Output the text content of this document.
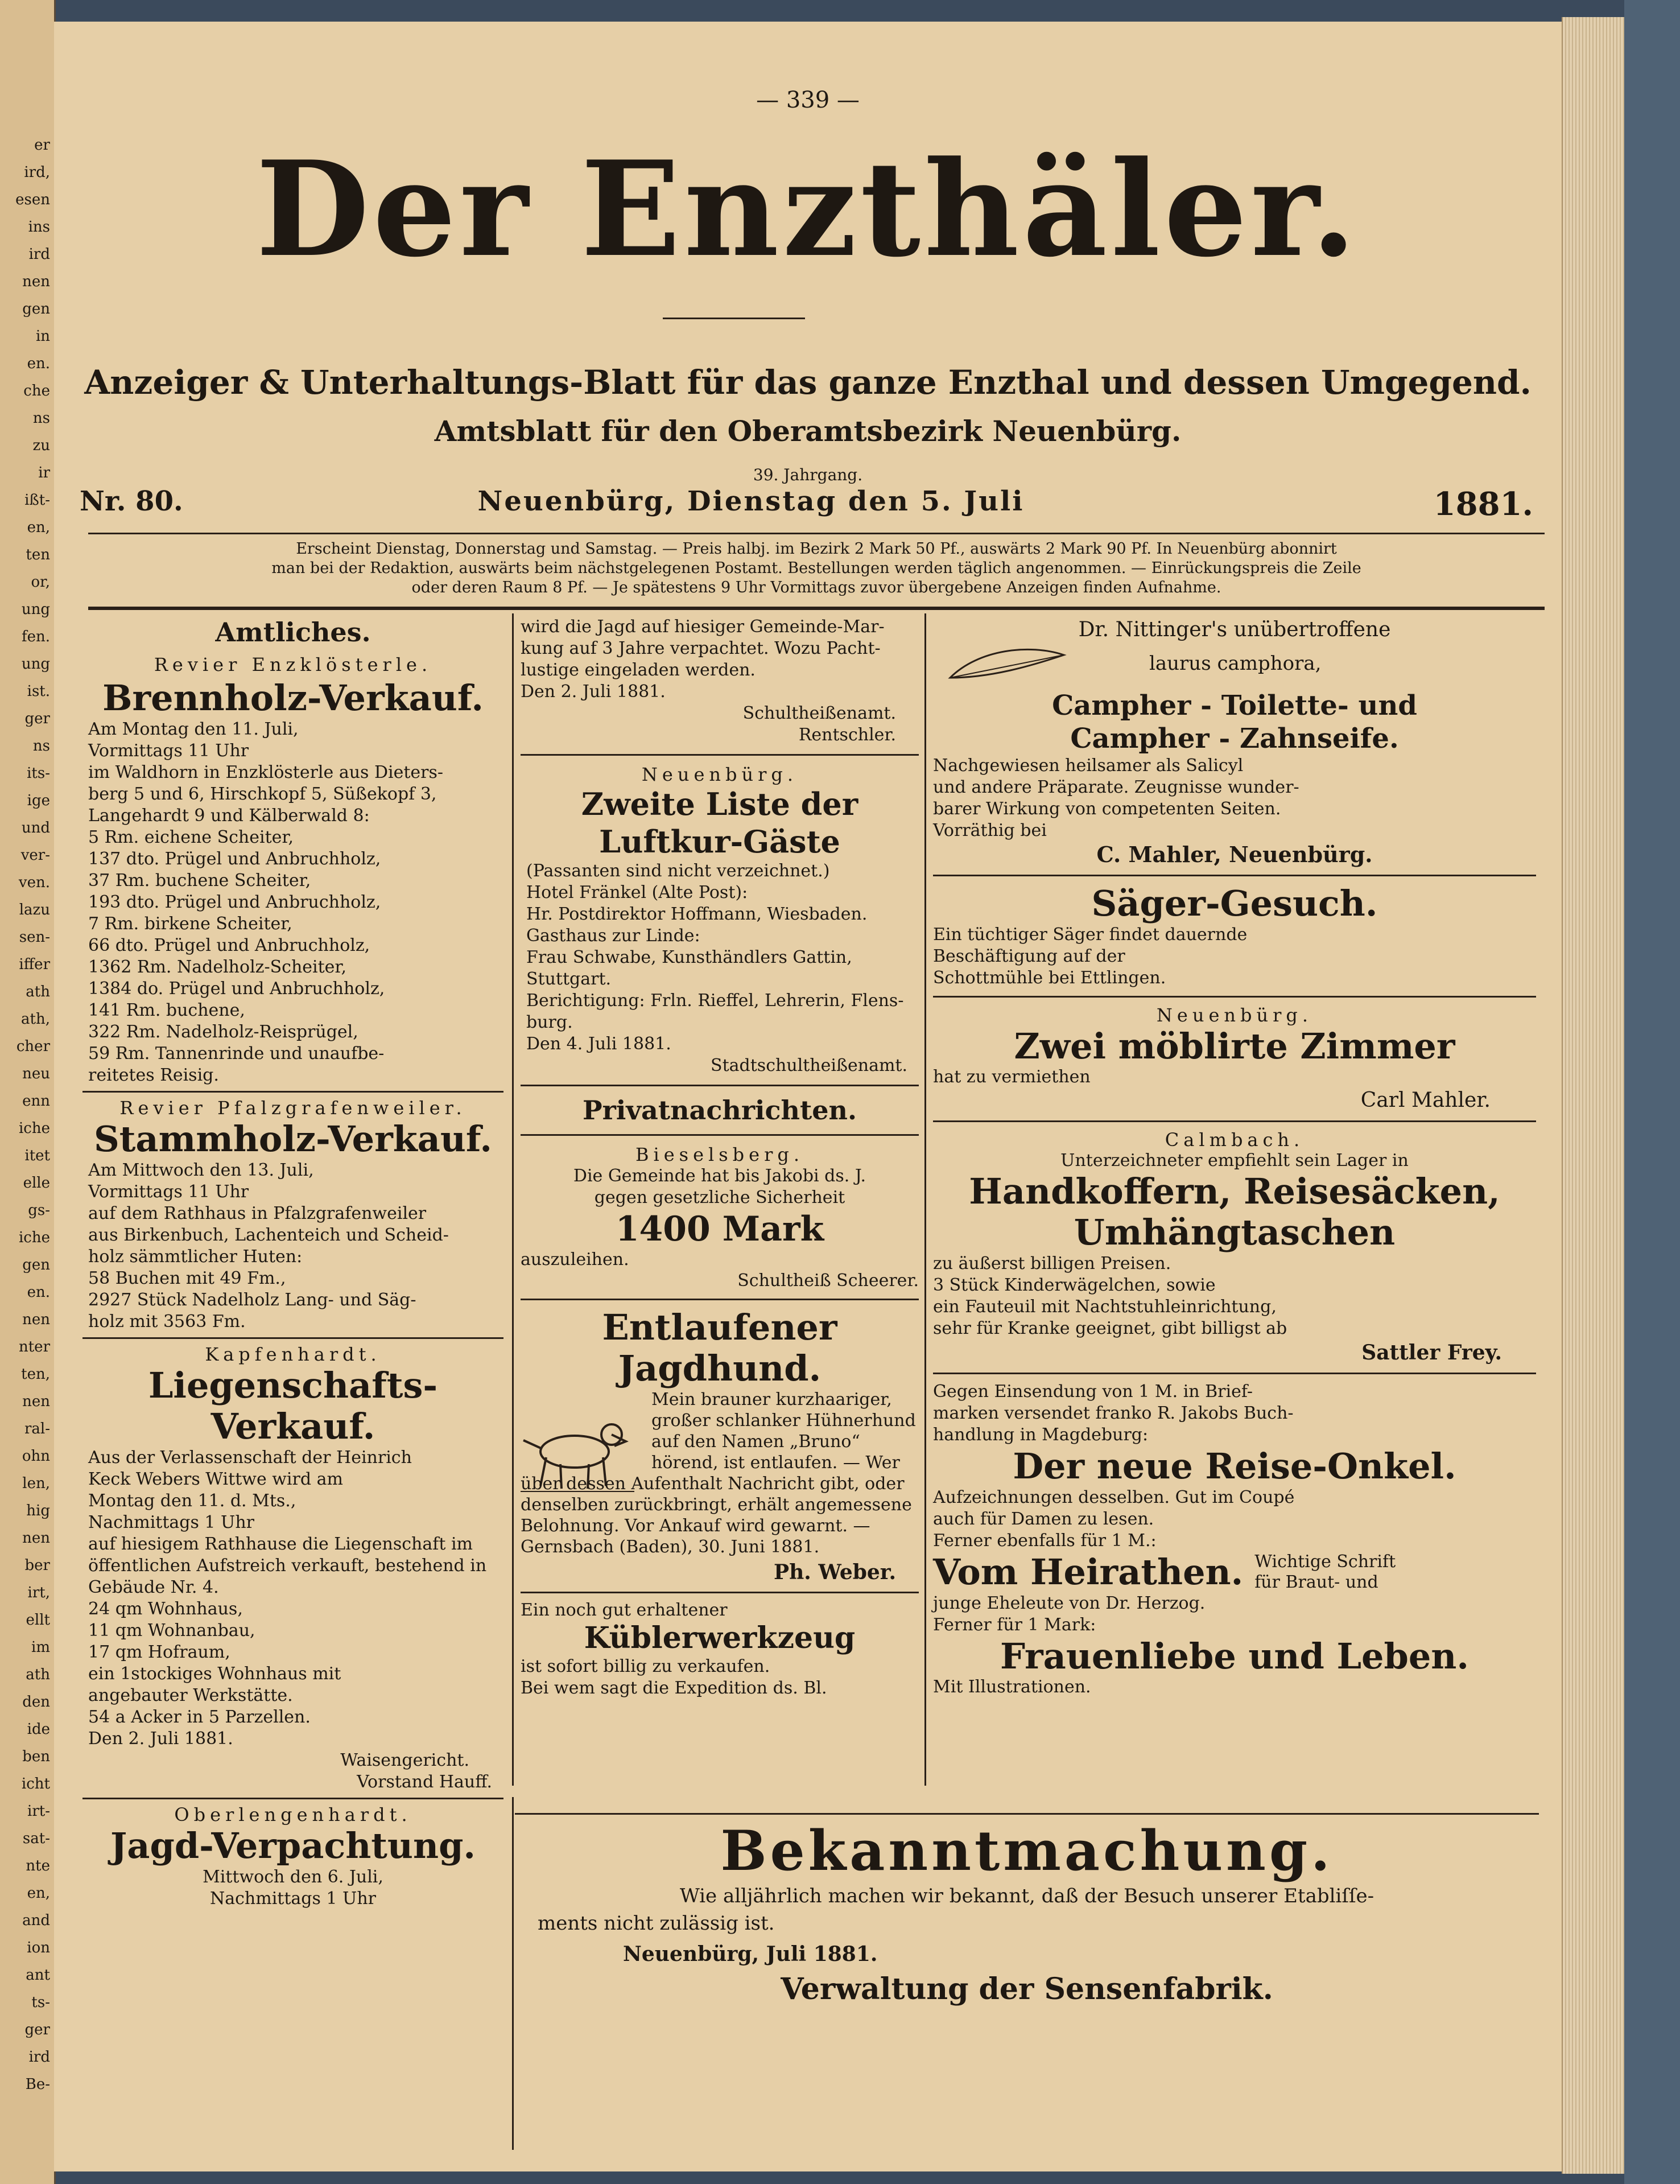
er
ird,
esen
ins
ird
nen
gen
in
en.
che
ns
zu
ir
ißt-
en,
ten
or,
ung
fen.
ung
ist.
ger
ns
its-
ige
und
ver-
ven.
lazu
sen-
iffer
ath
ath,
cher
neu
enn
iche
itet
elle
gs-
iche
gen
en.
nen
nter
ten,
nen
ral-
ohn
len,
hig
nen
ber
irt,
ellt
im
ath
den
ide
ben
icht
irt-
sat-
nte
en,
and
ion
ant
ts-
ger
ird
Be-
— 339 —
Der Enzthäler.
Anzeiger & Unterhaltungs-Blatt für das ganze Enzthal und dessen Umgegend.
Amtsblatt für den Oberamtsbezirk Neuenbürg.
39. Jahrgang.
Nr. 80.	Neuenbürg, Dienstag den 5. Juli	1881.
Erscheint Dienstag, Donnerstag und Samstag. — Preis halbj. im Bezirk 2 Mark 50 Pf., auswärts 2 Mark 90 Pf. In Neuenbürg abonnirt
man bei der Redaktion, auswärts beim nächstgelegenen Postamt. Bestellungen werden täglich angenommen. — Einrückungspreis die Zeile
oder deren Raum 8 Pf. — Je spätestens 9 Uhr Vormittags zuvor übergebene Anzeigen finden Aufnahme.
Amtliches.
Revier Enzklösterle.
Brennholz-Verkauf.
Am Montag den 11. Juli,
Vormittags 11 Uhr
im Waldhorn in Enzklösterle aus Dieters-
berg 5 und 6, Hirschkopf 5, Süßekopf 3,
Langehardt 9 und Kälberwald 8:
5 Rm. eichene Scheiter,
137 dto. Prügel und Anbruchholz,
37 Rm. buchene Scheiter,
193 dto. Prügel und Anbruchholz,
7 Rm. birkene Scheiter,
66 dto. Prügel und Anbruchholz,
1362 Rm. Nadelholz-Scheiter,
1384 do. Prügel und Anbruchholz,
141 Rm. buchene,
322 Rm. Nadelholz-Reisprügel,
59 Rm. Tannenrinde und unaufbe-
reitetes Reisig.
Revier Pfalzgrafenweiler.
Stammholz-Verkauf.
Am Mittwoch den 13. Juli,
Vormittags 11 Uhr
auf dem Rathhaus in Pfalzgrafenweiler
aus Birkenbuch, Lachenteich und Scheid-
holz sämmtlicher Huten:
58 Buchen mit 49 Fm.,
2927 Stück Nadelholz Lang- und Säg-
holz mit 3563 Fm.
Kapfenhardt.
Liegenschafts-Verkauf.
Aus der Verlassenschaft der Heinrich
Keck Webers Wittwe wird am
Montag den 11. d. Mts.,
Nachmittags 1 Uhr
auf hiesigem Rathhause die Liegenschaft im
öffentlichen Aufstreich verkauft, bestehend in
Gebäude Nr. 4.
24 qm Wohnhaus,
11 qm Wohnanbau,
17 qm Hofraum,
ein 1stockiges Wohnhaus mit
angebauter Werkstätte.
54 a Acker in 5 Parzellen.
Den 2. Juli 1881.
Waisengericht.
Vorstand Hauff.
Oberlengenhardt.
Jagd-Verpachtung.
Mittwoch den 6. Juli,
Nachmittags 1 Uhr
wird die Jagd auf hiesiger Gemeinde-Mar-
kung auf 3 Jahre verpachtet. Wozu Pacht-
lustige eingeladen werden.
Den 2. Juli 1881.
Schultheißenamt.
Rentschler.
Neuenbürg.
Zweite Liste der Luftkur-Gäste
(Passanten sind nicht verzeichnet.)
Hotel Fränkel (Alte Post):
Hr. Postdirektor Hoffmann, Wiesbaden.
Gasthaus zur Linde:
Frau Schwabe, Kunsthändlers Gattin,
Stuttgart.
Berichtigung: Frln. Rieffel, Lehrerin, Flens-
burg.
Den 4. Juli 1881.
Stadtschultheißenamt.
Privatnachrichten.
Bieselsberg.
Die Gemeinde hat bis Jakobi ds. J.
gegen gesetzliche Sicherheit
1400 Mark
auszuleihen.
Schultheiß Scheerer.
Entlaufener Jagdhund.
Mein brauner kurzhaariger,
großer schlanker Hühnerhund
auf den Namen „Bruno“
hörend, ist entlaufen. — Wer
über dessen Aufenthalt Nachricht gibt, oder
denselben zurückbringt, erhält angemessene
Belohnung. Vor Ankauf wird gewarnt. —
Gernsbach (Baden), 30. Juni 1881.
Ph. Weber.
Ein noch gut erhaltener
Küblerwerkzeug
ist sofort billig zu verkaufen.
Bei wem sagt die Expedition ds. Bl.
Dr. Nittinger's unübertroffene
laurus camphora,
Campher - Toilette- und
Campher - Zahnseife.
Nachgewiesen heilsamer als Salicyl
und andere Präparate. Zeugnisse wunder-
barer Wirkung von competenten Seiten.
Vorräthig bei
C. Mahler, Neuenbürg.
Säger-Gesuch.
Ein tüchtiger Säger findet dauernde
Beschäftigung auf der
Schottmühle bei Ettlingen.
Neuenbürg.
Zwei möblirte Zimmer
hat zu vermiethen
Carl Mahler.
Calmbach.
Unterzeichneter empfiehlt sein Lager in
Handkoffern, Reisesäcken,
Umhängtaschen
zu äußerst billigen Preisen.
3 Stück Kinderwägelchen, sowie
ein Fauteuil mit Nachtstuhleinrichtung,
sehr für Kranke geeignet, gibt billigst ab
Sattler Frey.
Gegen Einsendung von 1 M. in Brief-
marken versendet franko R. Jakobs Buch-
handlung in Magdeburg:
Der neue Reise-Onkel.
Aufzeichnungen desselben. Gut im Coupé
auch für Damen zu lesen.
Ferner ebenfalls für 1 M.:
Vom Heirathen. Wichtige Schrift
für Braut- und
junge Eheleute von Dr. Herzog.
Ferner für 1 Mark:
Frauenliebe und Leben.
Mit Illustrationen.
Bekanntmachung.
Wie alljährlich machen wir bekannt, daß der Besuch unserer Etabliſſe-
ments nicht zulässig ist.
Neuenbürg, Juli 1881.
Verwaltung der Sensenfabrik.
